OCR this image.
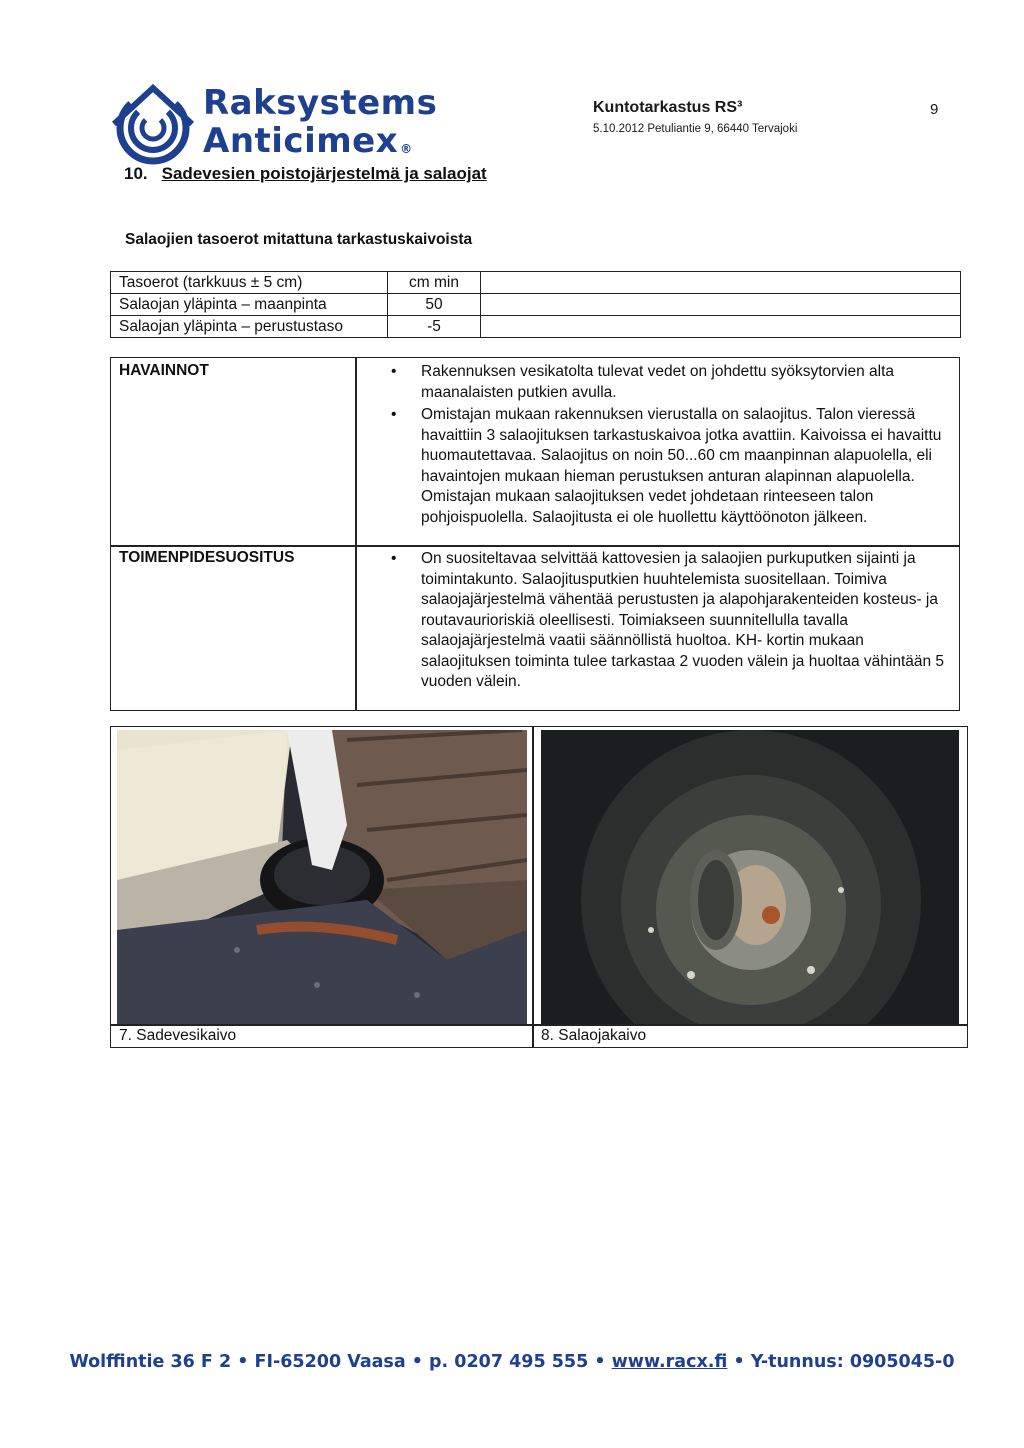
Raksystems
Anticimex ®
Kuntotarkastus RS³
5.10.2012 Petuliantie 9, 66440 Tervajoki
9
10. Sadevesien poistojärjestelmä ja salaojat
Salaojien tasoerot mitattuna tarkastuskaivoista
Tasoerot (tarkkuus ± 5 cm)	cm min	
Salaojan yläpinta – maanpinta	50	
Salaojan yläpinta – perustustaso	-5	
HAVAINNOT	• Rakennuksen vesikatolta tulevat vedet on johdettu syöksytorvien alta maanalaisten putkien avulla.
• Omistajan mukaan rakennuksen vierustalla on salaojitus. Talon vieressä havaittiin 3 salaojituksen tarkastuskaivoa jotka avattiin. Kaivoissa ei havaittu huomautettavaa. Salaojitus on noin 50...60 cm maanpinnan alapuolella, eli havaintojen mukaan hieman perustuksen anturan alapinnan alapuolella. Omistajan mukaan salaojituksen vedet johdetaan rinteeseen talon pohjoispuolella. Salaojitusta ei ole huollettu käyttöönoton jälkeen.
TOIMENPIDESUOSITUS	• On suositeltavaa selvittää kattovesien ja salaojien purkuputken sijainti ja toimintakunto. Salaojitusputkien huuhtelemista suositellaan. Toimiva salaojajärjestelmä vähentää perustusten ja alapohjarakenteiden kosteus- ja routavaurioriskiä oleellisesti. Toimiakseen suunnitellulla tavalla salaojajärjestelmä vaatii säännöllistä huoltoa. KH- kortin mukaan salaojituksen toiminta tulee tarkastaa 2 vuoden välein ja huoltaa vähintään 5 vuoden välein.
7. Sadevesikaivo	8. Salaojakaivo
Wolffintie 36 F 2 • FI-65200 Vaasa • p. 0207 495 555 • www.racx.fi • Y-tunnus: 0905045-0
